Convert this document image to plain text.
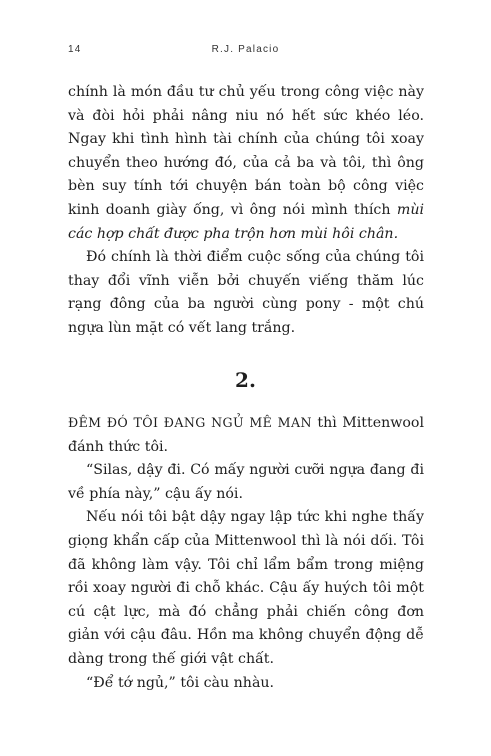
14	R.J. Palacio

chính là món đầu tư chủ yếu trong công việc này và đòi hỏi phải nâng niu nó hết sức khéo léo. Ngay khi tình hình tài chính của chúng tôi xoay chuyển theo hướng đó, của cả ba và tôi, thì ông bèn suy tính tới chuyện bán toàn bộ công việc kinh doanh giày ống, vì ông nói mình thích mùi các hợp chất được pha trộn hơn mùi hôi chân.

Đó chính là thời điểm cuộc sống của chúng tôi thay đổi vĩnh viễn bởi chuyến viếng thăm lúc rạng đông của ba người cùng pony - một chú ngựa lùn mặt có vết lang trắng.

2.

ĐÊM ĐÓ TÔI ĐANG NGỦ MÊ MAN thì Mittenwool đánh thức tôi.

“Silas, dậy đi. Có mấy người cưỡi ngựa đang đi về phía này,” cậu ấy nói.

Nếu nói tôi bật dậy ngay lập tức khi nghe thấy giọng khẩn cấp của Mittenwool thì là nói dối. Tôi đã không làm vậy. Tôi chỉ lẩm bẩm trong miệng rồi xoay người đi chỗ khác. Cậu ấy huých tôi một cú cật lực, mà đó chẳng phải chiến công đơn giản với cậu đâu. Hồn ma không chuyển động dễ dàng trong thế giới vật chất.

“Để tớ ngủ,” tôi càu nhàu.
